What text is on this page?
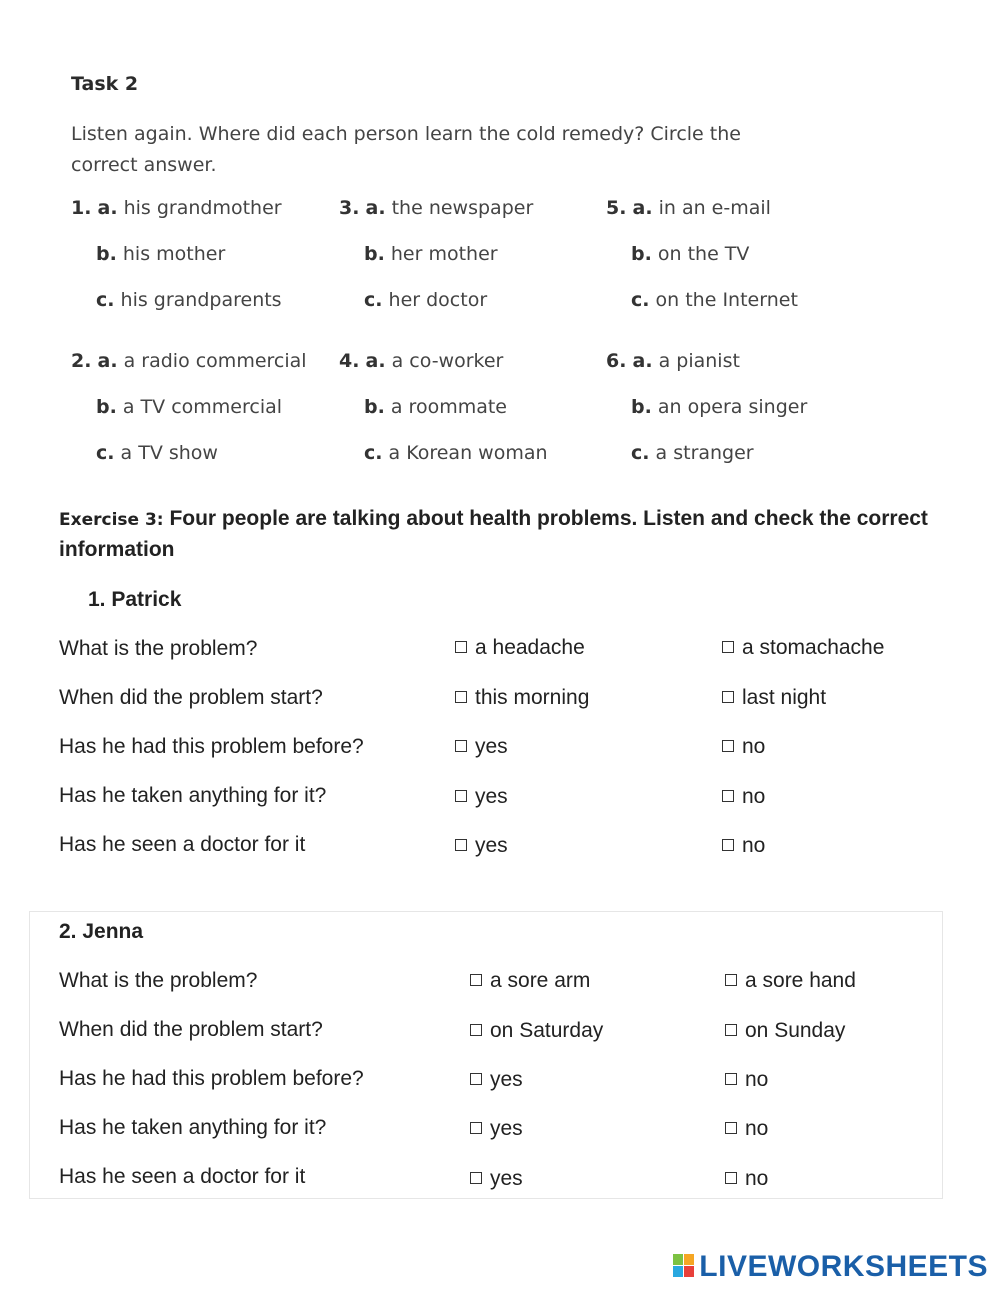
Task 2
Listen again. Where did each person learn the cold remedy? Circle the correct answer.
1. a. his grandmother
b. his mother
c. his grandparents
2. a. a radio commercial
b. a TV commercial
c. a TV show
3. a. the newspaper
b. her mother
c. her doctor
4. a. a co-worker
b. a roommate
c. a Korean woman
5. a. in an e-mail
b. on the TV
c. on the Internet
6. a. a pianist
b. an opera singer
c. a stranger
Exercise 3: Four people are talking about health problems. Listen and check the correct information
1. Patrick
What is the problem?	a headache	a stomachache
When did the problem start?	this morning	last night
Has he had this problem before?	yes	no
Has he taken anything for it?	yes	no
Has he seen a doctor for it	yes	no
2. Jenna
What is the problem?	a sore arm	a sore hand
When did the problem start?	on Saturday	on Sunday
Has he had this problem before?	yes	no
Has he taken anything for it?	yes	no
Has he seen a doctor for it	yes	no
LIVEWORKSHEETS
